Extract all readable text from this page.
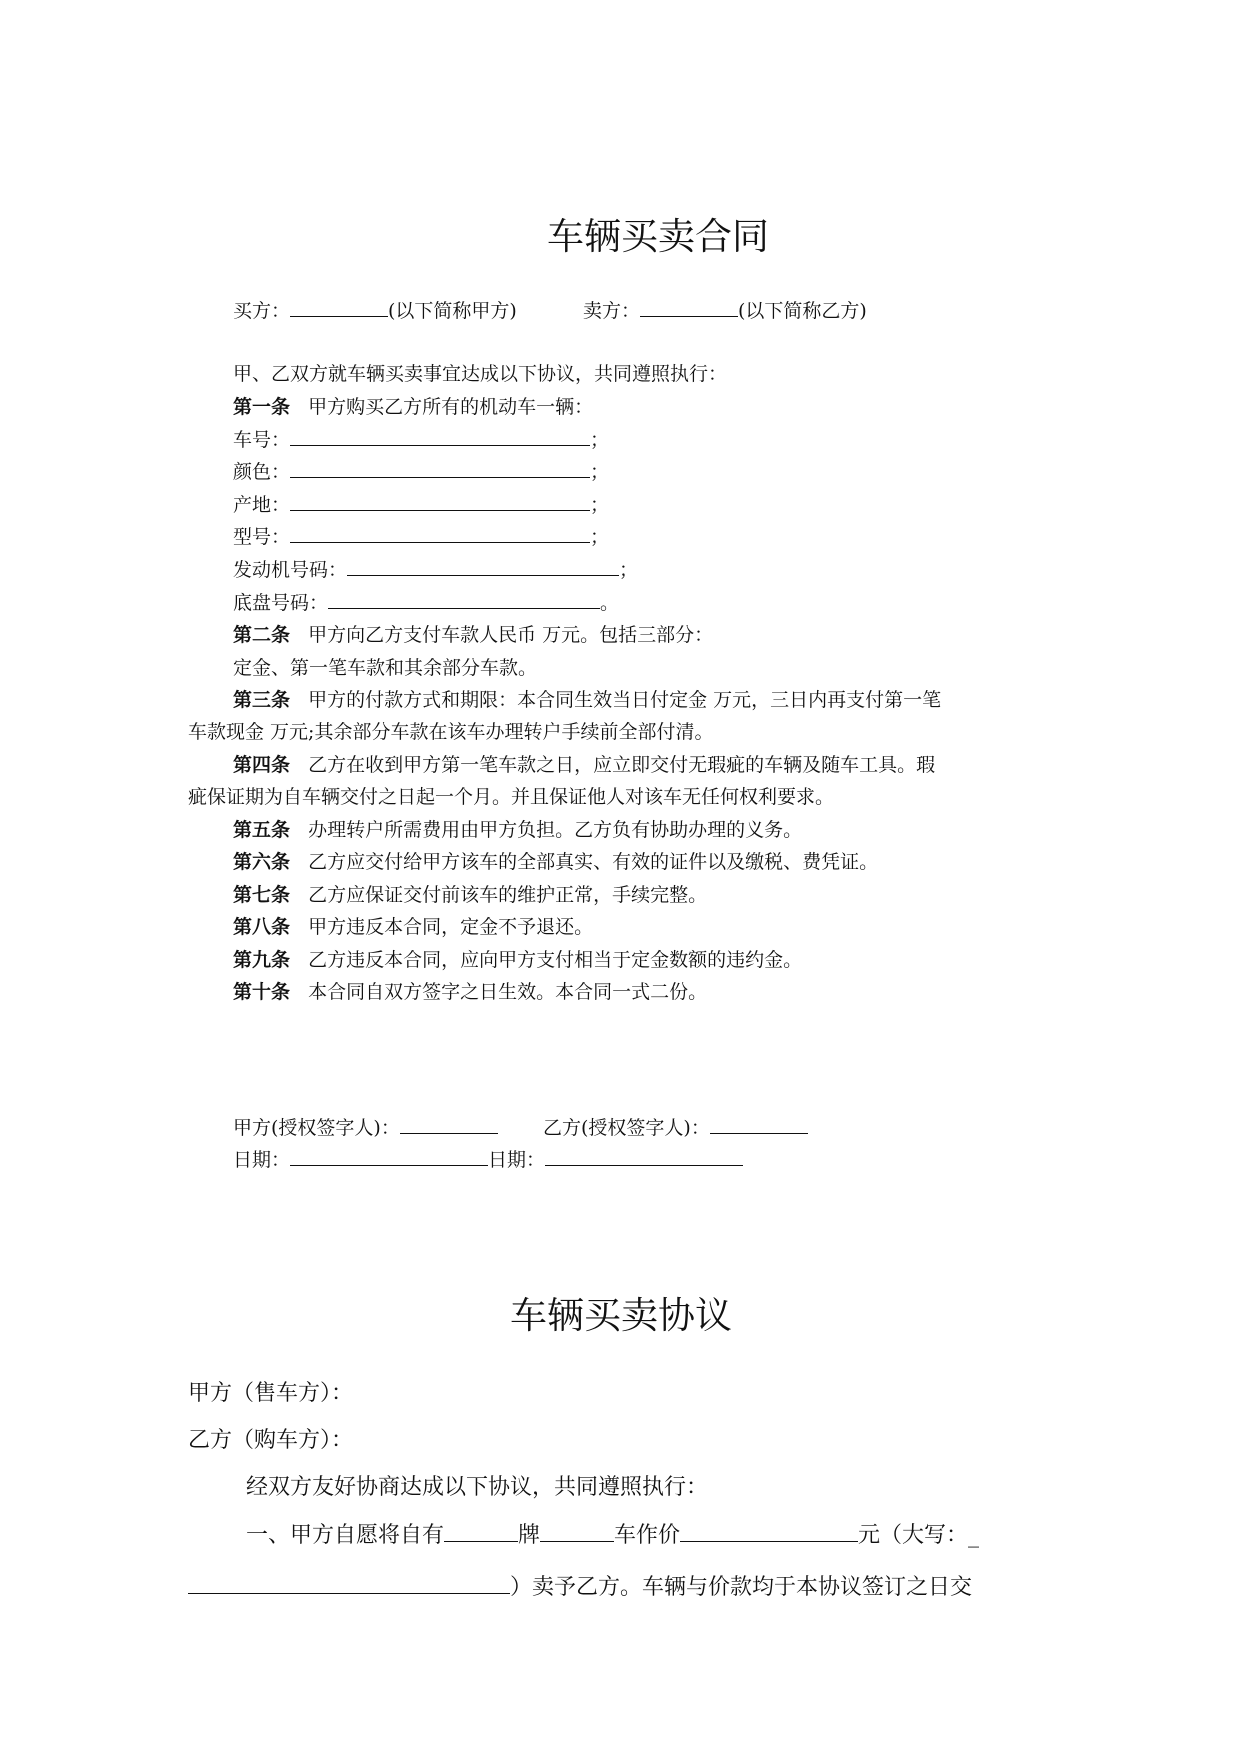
车辆买卖合同
买方：	(以下简称甲方)	卖方：	(以下简称乙方)
甲、乙双方就车辆买卖事宜达成以下协议，共同遵照执行：
第一条 甲方购买乙方所有的机动车一辆：
车号：	；
颜色：	；
产地：	；
型号：	；
发动机号码：	；
底盘号码：	。
第二条 甲方向乙方支付车款人民币 万元。包括三部分：
定金、第一笔车款和其余部分车款。
第三条 甲方的付款方式和期限：本合同生效当日付定金 万元，三日内再支付第一笔
车款现金 万元;其余部分车款在该车办理转户手续前全部付清。
第四条 乙方在收到甲方第一笔车款之日，应立即交付无瑕疵的车辆及随车工具。瑕
疵保证期为自车辆交付之日起一个月。并且保证他人对该车无任何权利要求。
第五条 办理转户所需费用由甲方负担。乙方负有协助办理的义务。
第六条 乙方应交付给甲方该车的全部真实、有效的证件以及缴税、费凭证。
第七条 乙方应保证交付前该车的维护正常，手续完整。
第八条 甲方违反本合同，定金不予退还。
第九条 乙方违反本合同，应向甲方支付相当于定金数额的违约金。
第十条 本合同自双方签字之日生效。本合同一式二份。
甲方(授权签字人)：	乙方(授权签字人)：
日期：	日期：
车辆买卖协议
甲方（售车方）：
乙方（购车方）：
经双方友好协商达成以下协议，共同遵照执行：
一、甲方自愿将自有	牌	车作价	元（大写：_
）卖予乙方。车辆与价款均于本协议签订之日交
